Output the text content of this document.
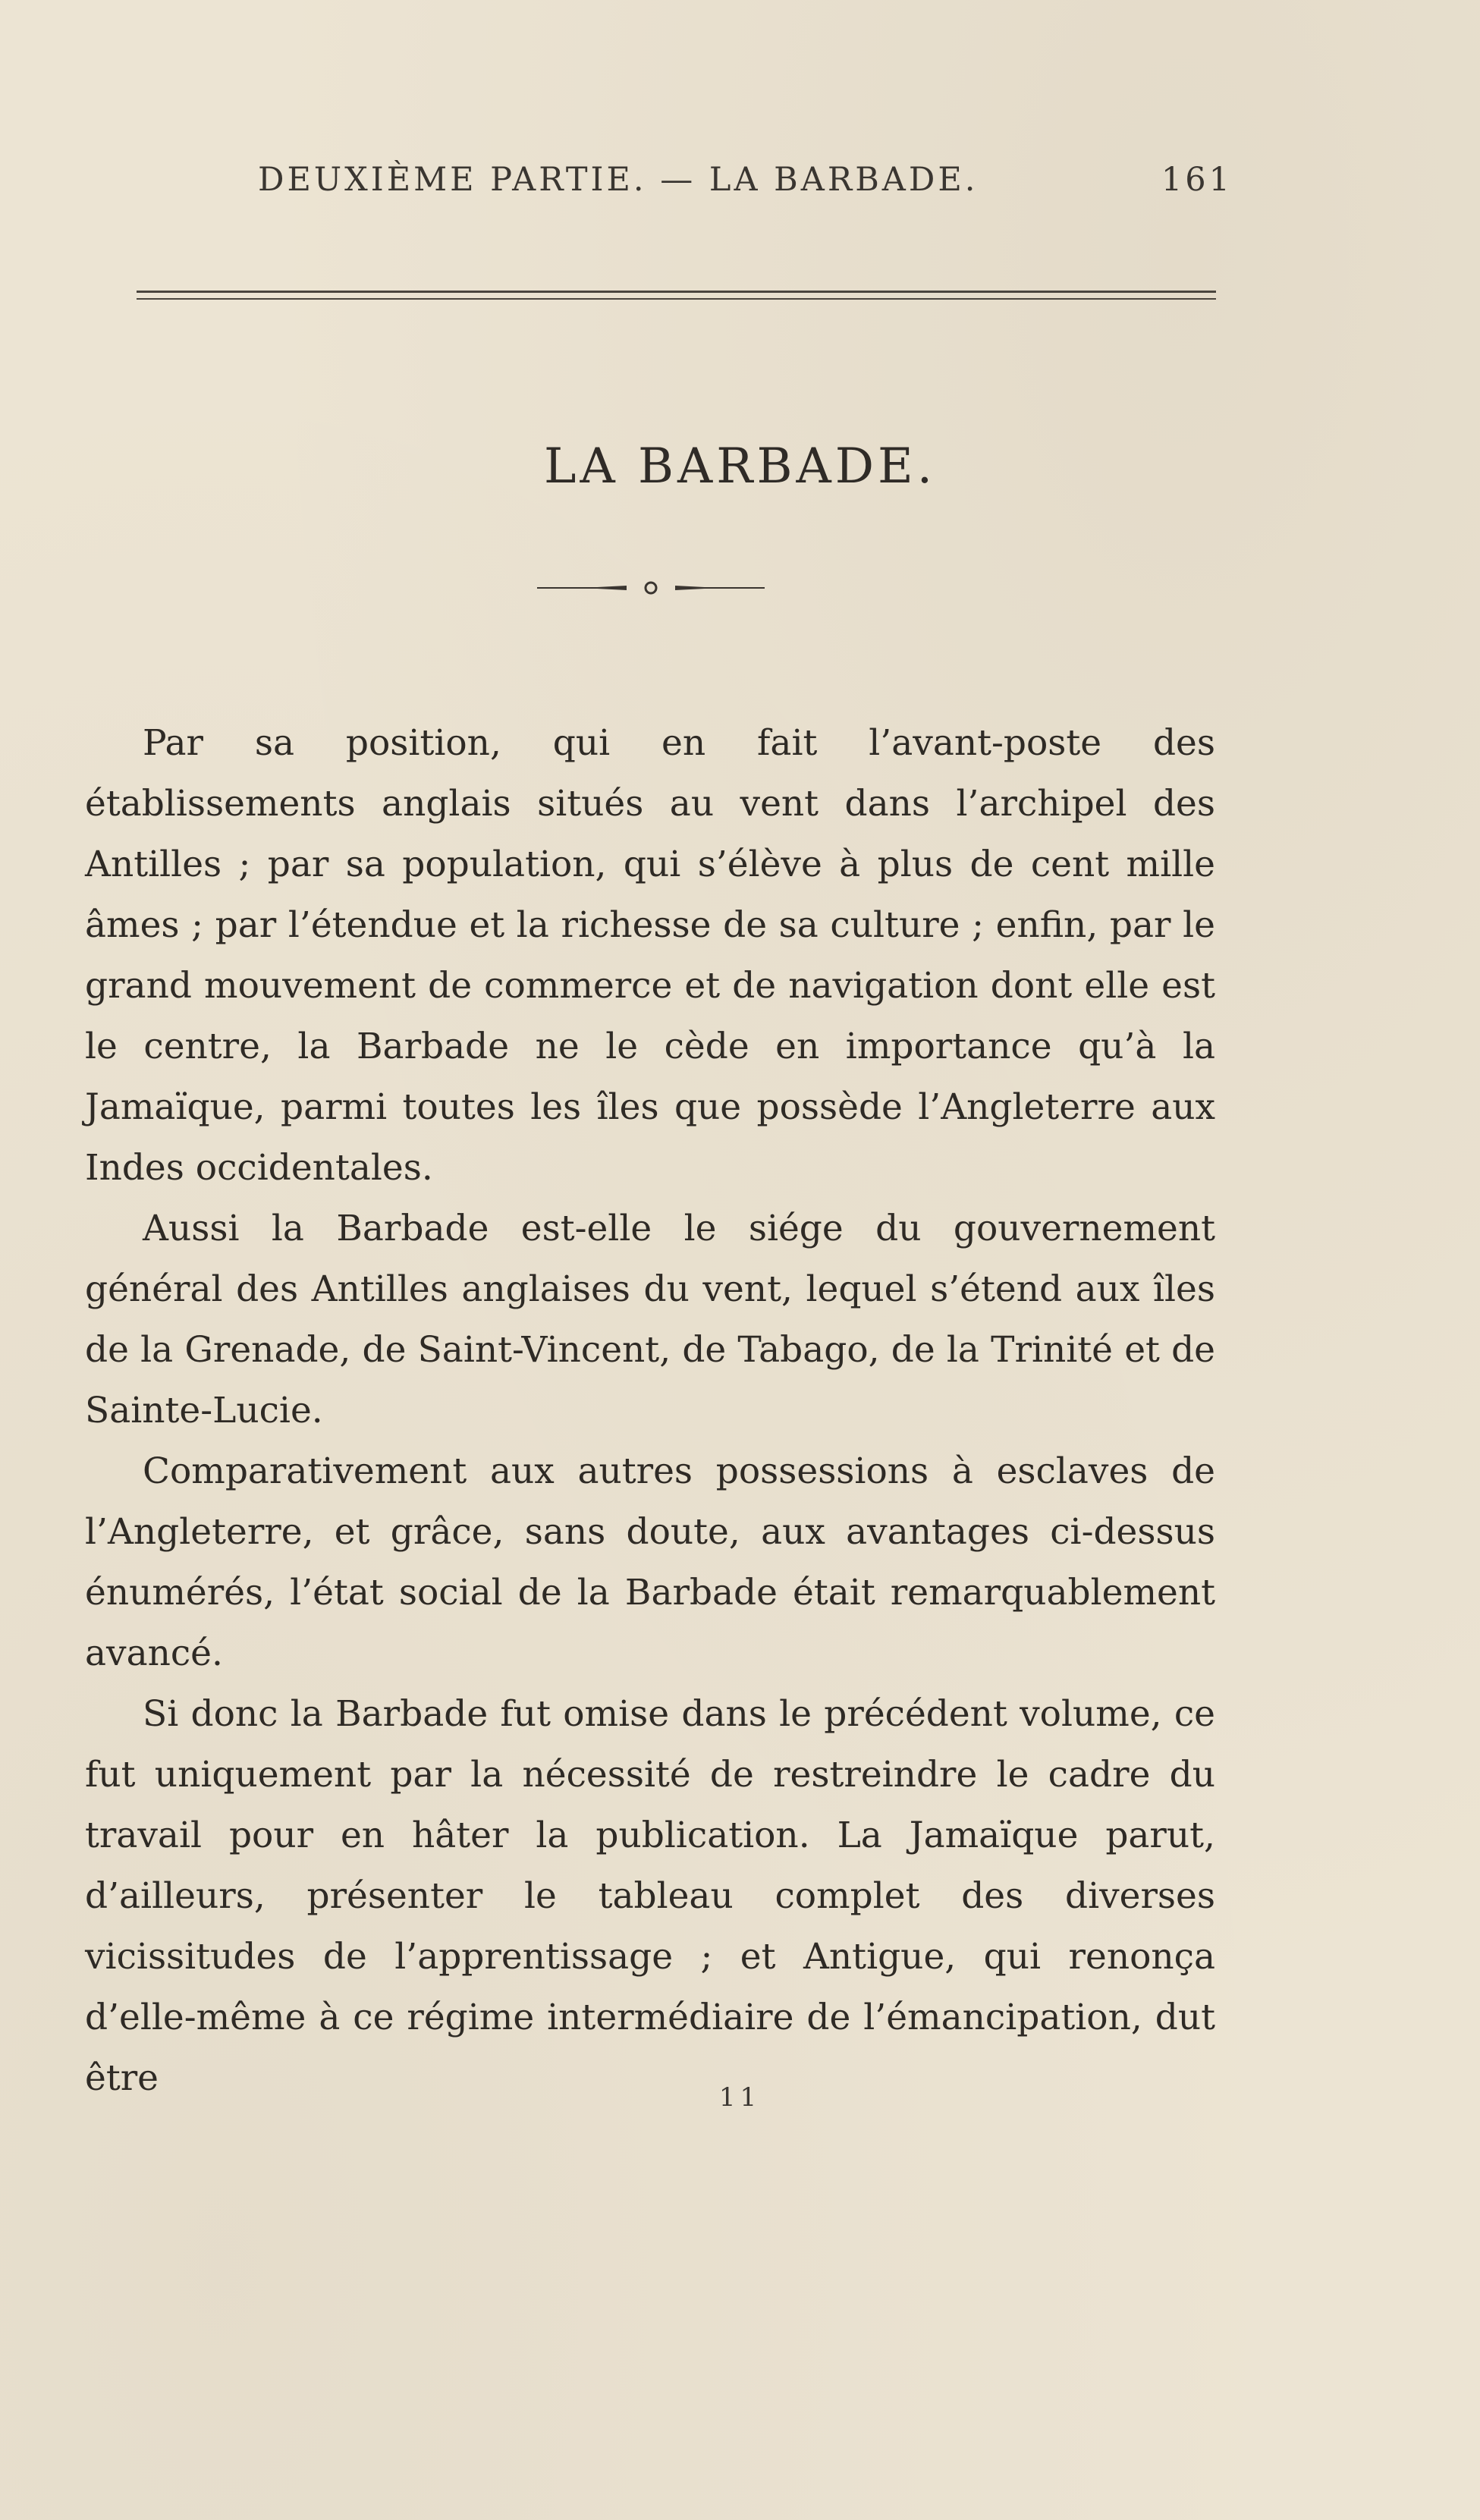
DEUXIÈME PARTIE. — LA BARBADE.	161
LA BARBADE.

Par sa position, qui en fait l’avant-poste des établissements anglais situés au vent dans l’archipel des Antilles ; par sa population, qui s’élève à plus de cent mille âmes ; par l’étendue et la richesse de sa culture ; enfin, par le grand mouvement de commerce et de navigation dont elle est le centre, la Barbade ne le cède en importance qu’à la Jamaïque, parmi toutes les îles que possède l’Angleterre aux Indes occidentales.

Aussi la Barbade est-elle le siége du gouvernement général des Antilles anglaises du vent, lequel s’étend aux îles de la Grenade, de Saint-Vincent, de Tabago, de la Trinité et de Sainte-Lucie.

Comparativement aux autres possessions à esclaves de l’Angleterre, et grâce, sans doute, aux avantages ci-dessus énumérés, l’état social de la Barbade était remarquablement avancé.

Si donc la Barbade fut omise dans le précédent volume, ce fut uniquement par la nécessité de restreindre le cadre du travail pour en hâter la publication. La Jamaïque parut, d’ailleurs, présenter le tableau complet des diverses vicissitudes de l’apprentissage ; et Antigue, qui renonça d’elle-même à ce régime intermédiaire de l’émancipation, dut être	11
